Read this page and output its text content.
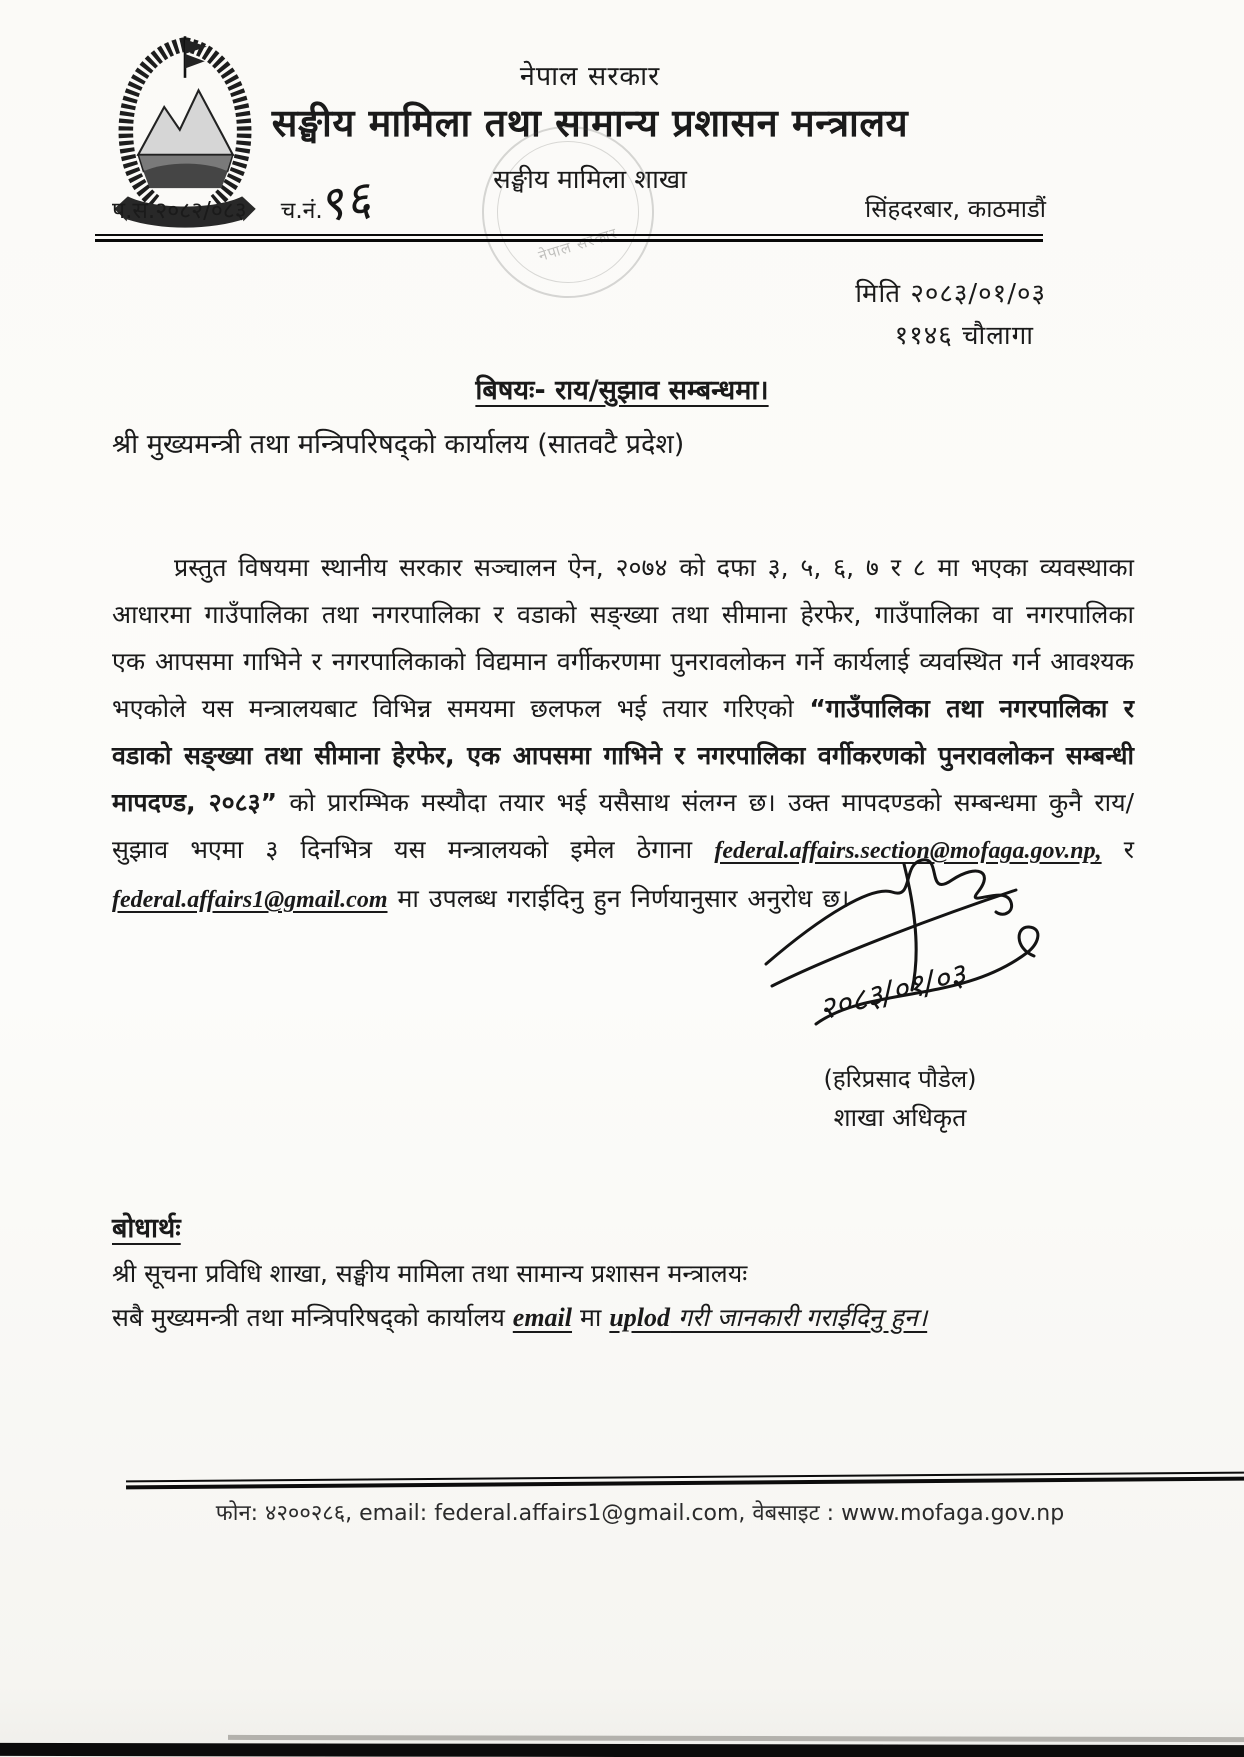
नेपाल सरकार
सङ्घीय मामिला तथा सामान्य प्रशासन मन्त्रालय
सङ्घीय मामिला शाखा
नेपाल सरकार
प.सं.२०८२/०८३ च.नं.
९६	सिंहदरबार, काठमाडौं
मिति २०८३/०१/०३
११४६ चौलागा
बिषयः- राय/सुझाव सम्बन्धमा।
श्री मुख्यमन्त्री तथा मन्त्रिपरिषद्को कार्यालय (सातवटै प्रदेश)
प्रस्तुत विषयमा स्थानीय सरकार सञ्चालन ऐन, २०७४ को दफा ३, ५, ६, ७ र ८ मा भएका व्यवस्थाका आधारमा गाउँपालिका तथा नगरपालिका र वडाको सङ्ख्या तथा सीमाना हेरफेर, गाउँपालिका वा नगरपालिका एक आपसमा गाभिने र नगरपालिकाको विद्यमान वर्गीकरणमा पुनरावलोकन गर्ने कार्यलाई व्यवस्थित गर्न आवश्यक भएकोले यस मन्त्रालयबाट विभिन्न समयमा छलफल भई तयार गरिएको “गाउँपालिका तथा नगरपालिका र वडाको सङ्ख्या तथा सीमाना हेरफेर, एक आपसमा गाभिने र नगरपालिका वर्गीकरणको पुनरावलोकन सम्बन्धी मापदण्ड, २०८३” को प्रारम्भिक मस्यौदा तयार भई यसैसाथ संलग्न छ। उक्त मापदण्डको सम्बन्धमा कुनै राय/सुझाव भएमा ३ दिनभित्र यस मन्त्रालयको इमेल ठेगाना federal.affairs.section@mofaga.gov.np, र federal.affairs1@gmail.com मा उपलब्ध गराईदिनु हुन निर्णयानुसार अनुरोध छ।
२०८३/०१/०३
(हरिप्रसाद पौडेल)
शाखा अधिकृत
बोधार्थः
श्री सूचना प्रविधि शाखा, सङ्घीय मामिला तथा सामान्य प्रशासन मन्त्रालयः
सबै मुख्यमन्त्री तथा मन्त्रिपरिषद्को कार्यालय email मा uplod गरी जानकारी गराईदिनु हुन।
फोन: ४२००२८६, email: federal.affairs1@gmail.com, वेबसाइट : www.mofaga.gov.np
